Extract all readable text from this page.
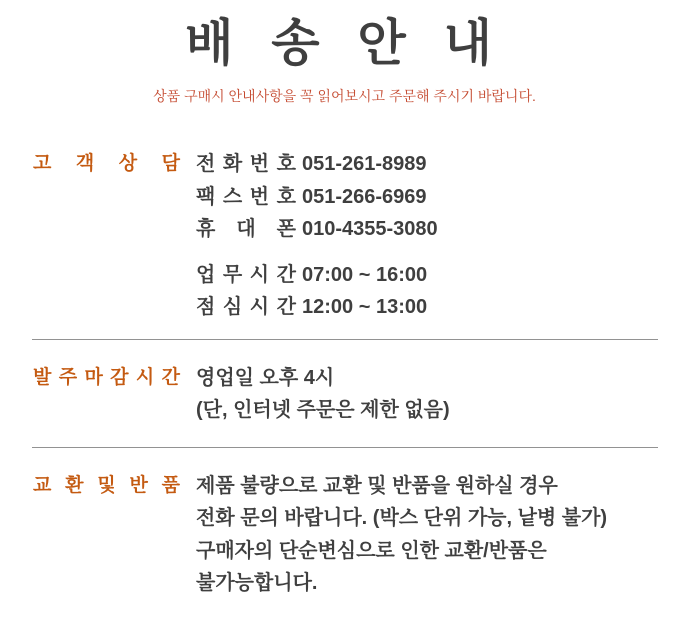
배 송 안 내
상품 구매시 안내사항을 꼭 읽어보시고 주문해 주시기 바랍니다.
고 객 상 담 전 화 번 호 051-261-8989
팩 스 번 호 051-266-6969
휴 대 폰 010-4355-3080
업 무 시 간 07:00 ~ 16:00
점 심 시 간 12:00 ~ 13:00
발 주 마 감 시 간 영업일 오후 4시
(단, 인터넷 주문은 제한 없음)
교 환 및 반 품 제품 불량으로 교환 및 반품을 원하실 경우
전화 문의 바랍니다. (박스 단위 가능, 낱병 불가)
구매자의 단순변심으로 인한 교환/반품은
불가능합니다.
